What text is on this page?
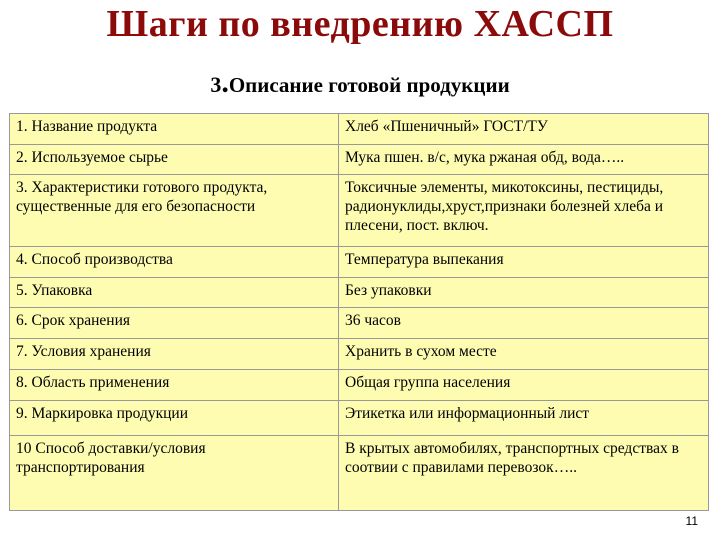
Шаги по внедрению ХАССП
3.Описание готовой продукции
1. Название продукта	Хлеб «Пшеничный» ГОСТ/ТУ
2. Используемое сырье	Мука пшен. в/с, мука ржаная обд, вода…..
3. Характеристики готового продукта, существенные для его безопасности	Токсичные элементы, микотоксины, пестициды, радионуклиды,хруст,признаки болезней хлеба и плесени, пост. включ.
4. Способ производства	Температура выпекания
5. Упаковка	Без упаковки
6. Срок хранения	36 часов
7. Условия хранения	Хранить в сухом месте
8. Область применения	Общая группа населения
9. Маркировка продукции	Этикетка или информационный лист
10 Способ доставки/условия транспортирования	В крытых автомобилях, транспортных средствах в соотвии с правилами перевозок…..
11
